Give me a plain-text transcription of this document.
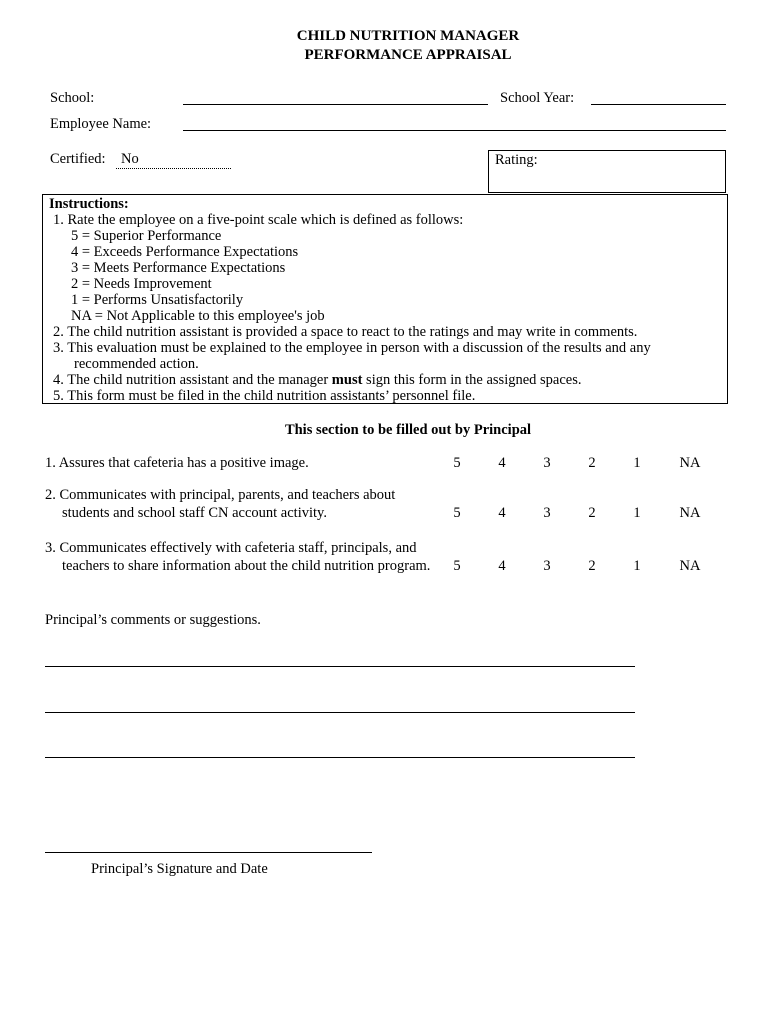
CHILD NUTRITION MANAGER
PERFORMANCE APPRAISAL
School:	School Year:
Employee Name:
Certified:	No	Rating:
Instructions:
1. Rate the employee on a five-point scale which is defined as follows:
5 = Superior Performance
4 = Exceeds Performance Expectations
3 = Meets Performance Expectations
2 = Needs Improvement
1 = Performs Unsatisfactorily
NA = Not Applicable to this employee's job
2. The child nutrition assistant is provided a space to react to the ratings and may write in comments.
3. This evaluation must be explained to the employee in person with a discussion of the results and any
recommended action.
4. The child nutrition assistant and the manager must sign this form in the assigned spaces.
5. This form must be filed in the child nutrition assistants’ personnel file.
This section to be filled out by Principal
1. Assures that cafeteria has a positive image.	5	4	3	2	1	NA
2. Communicates with principal, parents, and teachers about
students and school staff CN account activity.	5	4	3	2	1	NA
3. Communicates effectively with cafeteria staff, principals, and
teachers to share information about the child nutrition program.	5	4	3	2	1	NA
Principal’s comments or suggestions.
Principal’s Signature and Date
